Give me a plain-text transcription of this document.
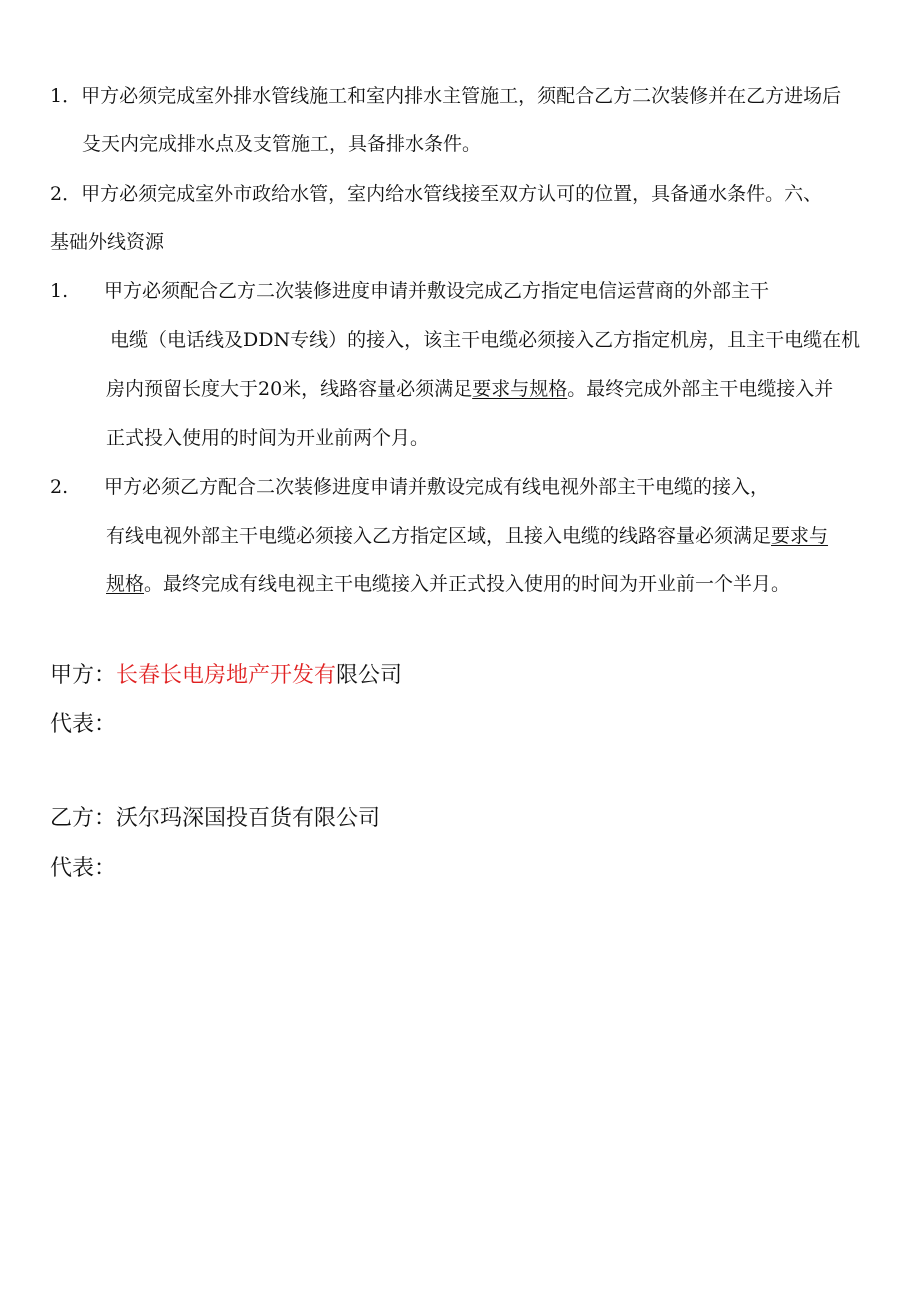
1．甲方必须完成室外排水管线施工和室内排水主管施工，须配合乙方二次装修并在乙方进场后
殳天内完成排水点及支管施工，具备排水条件。
2．甲方必须完成室外市政给水管，室内给水管线接至双方认可的位置，具备通水条件。六、
基础外线资源
1. 甲方必须配合乙方二次装修进度申请并敷设完成乙方指定电信运营商的外部主干
电缆（电话线及DDN专线）的接入，该主干电缆必须接入乙方指定机房，且主干电缆在机
房内预留长度大于20米，线路容量必须满足要求与规格。最终完成外部主干电缆接入并
正式投入使用的时间为开业前两个月。
2. 甲方必须乙方配合二次装修进度申请并敷设完成有线电视外部主干电缆的接入，
有线电视外部主干电缆必须接入乙方指定区域，且接入电缆的线路容量必须满足要求与
规格。最终完成有线电视主干电缆接入并正式投入使用的时间为开业前一个半月。
甲方：长春长电房地产开发有限公司
代表：
乙方：沃尔玛深国投百货有限公司
代表：
